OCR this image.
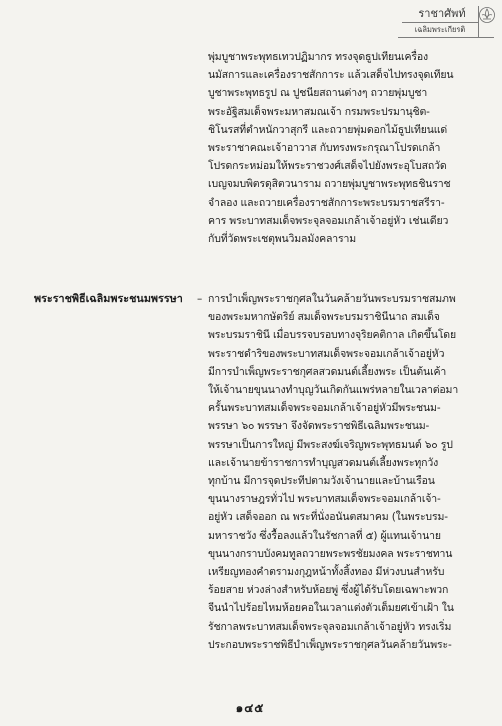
ราชาศัพท์
เฉลิมพระเกียรติ
พุ่มบูชาพระพุทธเทวปฏิมากร ทรงจุดธูปเทียนเครื่อง
นมัสการและเครื่องราชสักการะ แล้วเสด็จไปทรงจุดเทียน
บูชาพระพุทธรูป ณ ปูชนียสถานต่างๆ ถวายพุ่มบูชา
พระอัฐิสมเด็จพระมหาสมณเจ้า กรมพระปรมานุชิต-
ชิโนรสที่ตำหนักวาสุกรี และถวายพุ่มดอกไม้ธูปเทียนแด่
พระราชาคณะเจ้าอาวาส กับทรงพระกรุณาโปรดเกล้า
โปรดกระหม่อมให้พระราชวงศ์เสด็จไปยังพระอุโบสถวัด
เบญจมบพิตรดุสิตวนาราม ถวายพุ่มบูชาพระพุทธชินราช
จำลอง และถวายเครื่องราชสักการะพระบรมราชสรีรา-
คาร พระบาทสมเด็จพระจุลจอมเกล้าเจ้าอยู่หัว เช่นเดียว
กับที่วัดพระเชตุพนวิมลมังคลาราม
พระราชพิธีเฉลิมพระชนมพรรษา	– การบำเพ็ญพระราชกุศลในวันคล้ายวันพระบรมราชสมภพ
ของพระมหากษัตริย์ สมเด็จพระบรมราชินีนาถ สมเด็จ
พระบรมราชินี เมื่อบรรจบรอบทางจุริยคติกาล เกิดขึ้นโดย
พระราชดำริของพระบาทสมเด็จพระจอมเกล้าเจ้าอยู่หัว
มีการบำเพ็ญพระราชกุศลสวดมนต์เลี้ยงพระ เป็นต้นเค้า
ให้เจ้านายขุนนางทำบุญวันเกิดกันแพร่หลายในเวลาต่อมา
ครั้นพระบาทสมเด็จพระจอมเกล้าเจ้าอยู่หัวมีพระชนม-
พรรษา ๖๐ พรรษา จึงจัดพระราชพิธีเฉลิมพระชนม-
พรรษาเป็นการใหญ่ มีพระสงฆ์เจริญพระพุทธมนต์ ๖๐ รูป
และเจ้านายข้าราชการทำบุญสวดมนต์เลี้ยงพระทุกวัง
ทุกบ้าน มีการจุดประทีปตามวังเจ้านายและบ้านเรือน
ขุนนางราษฎรทั่วไป พระบาทสมเด็จพระจอมเกล้าเจ้า-
อยู่หัว เสด็จออก ณ พระที่นั่งอนันตสมาคม (ในพระบรม-
มหาราชวัง ซึ่งรื้อลงแล้วในรัชกาลที่ ๕) ผู้แทนเจ้านาย
ขุนนางกราบบังคมทูลถวายพระพรชัยมงคล พระราชทาน
เหรียญทองคำตรามงกุฎหน้าทั้งสิ้งทอง มีห่วงบนสำหรับ
ร้อยสาย ห่วงล่างสำหรับห้อยพู่ ซึ่งผู้ได้รับโดยเฉพาะพวก
จีนนำไปร้อยไหมห้อยคอในเวลาแต่งตัวเต็มยศเข้าเฝ้า ใน
รัชกาลพระบาทสมเด็จพระจุลจอมเกล้าเจ้าอยู่หัว ทรงเริ่ม
ประกอบพระราชพิธีบำเพ็ญพระราชกุศลวันคล้ายวันพระ-
๑๔๕
